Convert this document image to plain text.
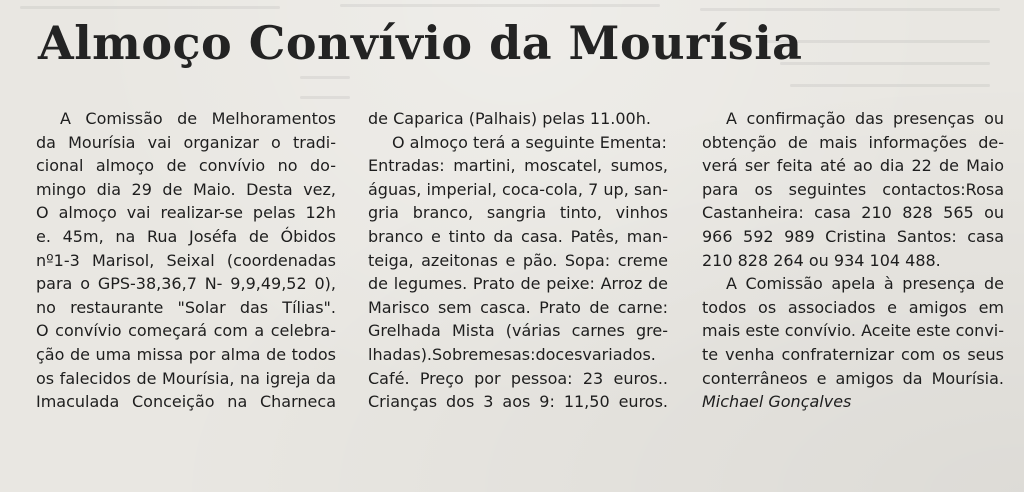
Almoço Convívio da Mourísia
A Comissão de Melhoramentos
da Mourísia vai organizar o tradi-
cional almoço de convívio no do-
mingo dia 29 de Maio. Desta vez,
O almoço vai realizar-se pelas 12h
e. 45m, na Rua Joséfa de Óbidos
nº1-3 Marisol, Seixal (coordenadas
para o GPS-38,36,7 N- 9,9,49,52 0),
no restaurante "Solar das Tílias".
O convívio começará com a celebra-
ção de uma missa por alma de todos
os falecidos de Mourísia, na igreja da
Imaculada Conceição na Charneca
de Caparica (Palhais) pelas 11.00h.
O almoço terá a seguinte Ementa:
Entradas: martini, moscatel, sumos,
águas, imperial, coca-cola, 7 up, san-
gria branco, sangria tinto, vinhos
branco e tinto da casa. Patês, man-
teiga, azeitonas e pão. Sopa: creme
de legumes. Prato de peixe: Arroz de
Marisco sem casca. Prato de carne:
Grelhada Mista (várias carnes gre-
lhadas).Sobremesas:docesvariados.
Café. Preço por pessoa: 23 euros..
Crianças dos 3 aos 9: 11,50 euros.
A confirmação das presenças ou
obtenção de mais informações de-
verá ser feita até ao dia 22 de Maio
para os seguintes contactos:Rosa
Castanheira: casa 210 828 565 ou
966 592 989 Cristina Santos: casa
210 828 264 ou 934 104 488.
A Comissão apela à presença de
todos os associados e amigos em
mais este convívio. Aceite este convi-
te venha confraternizar com os seus
conterrâneos e amigos da Mourísia.
Michael Gonçalves
